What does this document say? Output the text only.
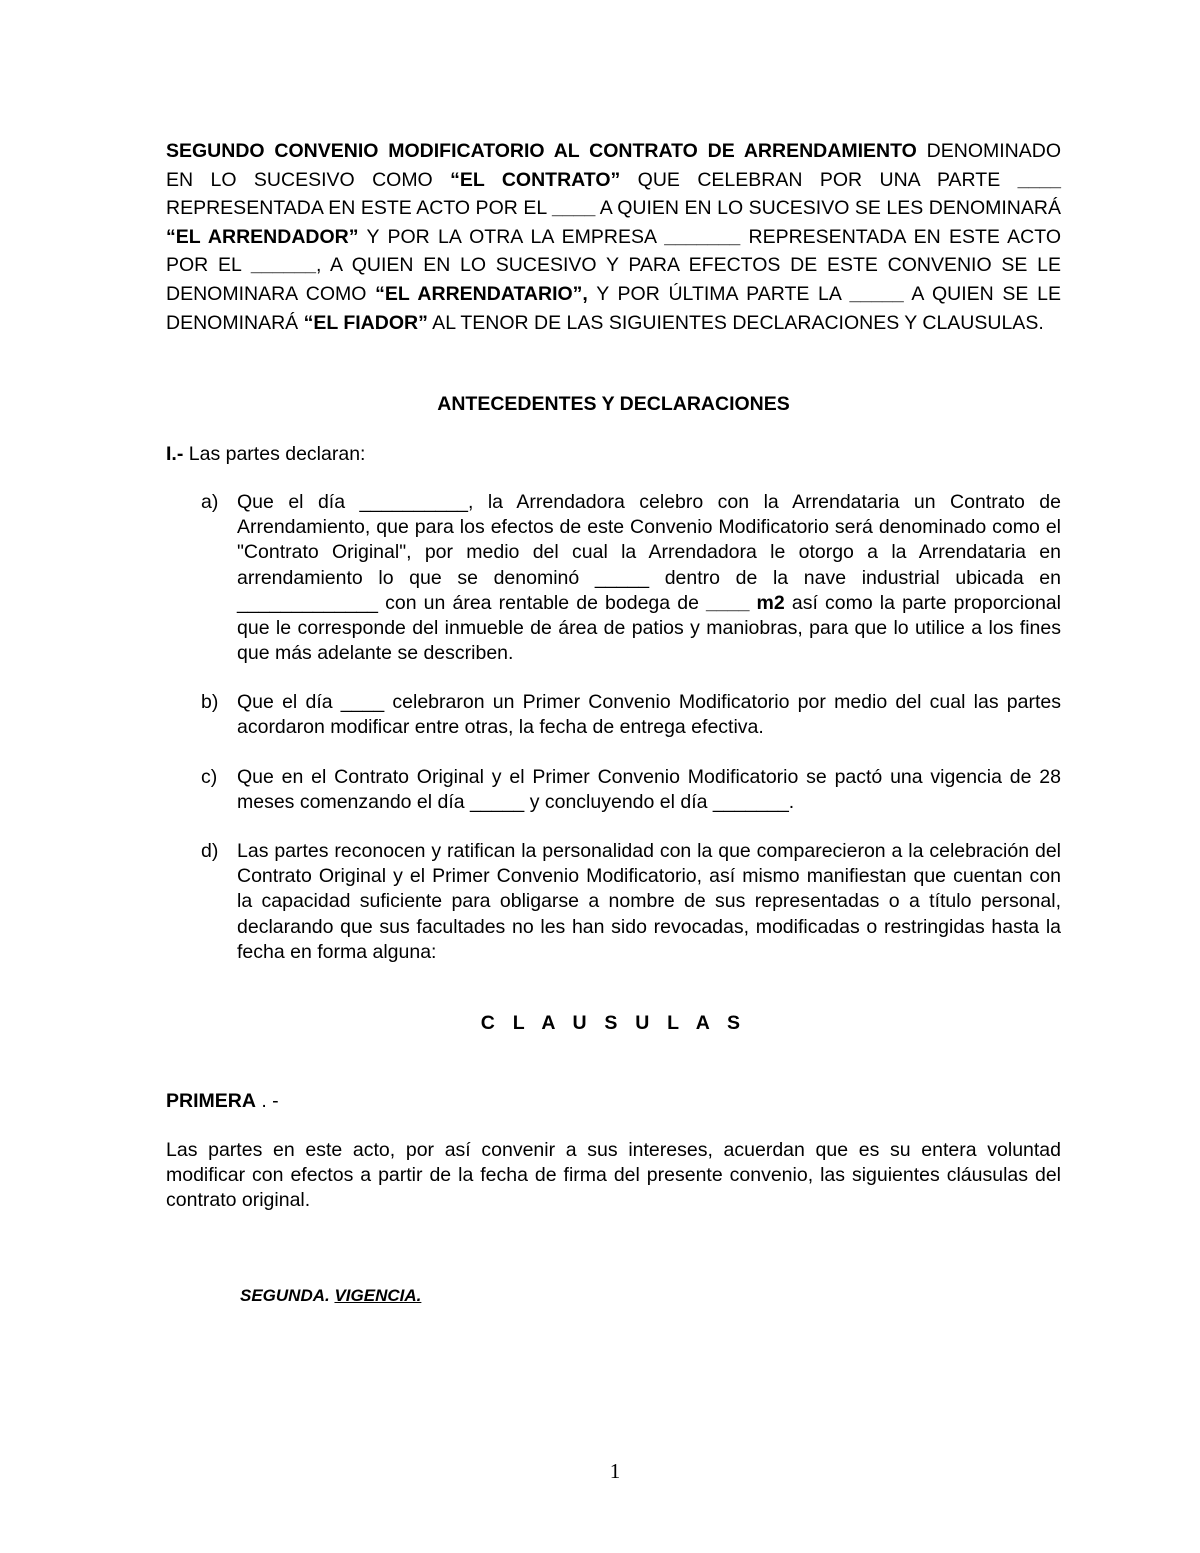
SEGUNDO CONVENIO MODIFICATORIO AL CONTRATO DE ARRENDAMIENTO DENOMINADO EN LO SUCESIVO COMO “EL CONTRATO” QUE CELEBRAN POR UNA PARTE ____ REPRESENTADA EN ESTE ACTO POR EL ____ A QUIEN EN LO SUCESIVO SE LES DENOMINARÁ “EL ARRENDADOR” Y POR LA OTRA LA EMPRESA _______ REPRESENTADA EN ESTE ACTO POR EL ______, A QUIEN EN LO SUCESIVO Y PARA EFECTOS DE ESTE CONVENIO SE LE DENOMINARA COMO “EL ARRENDATARIO”, Y POR ÚLTIMA PARTE LA _____ A QUIEN SE LE DENOMINARÁ “EL FIADOR” AL TENOR DE LAS SIGUIENTES DECLARACIONES Y CLAUSULAS.
ANTECEDENTES Y DECLARACIONES
I.- Las partes declaran:
a) Que el día __________, la Arrendadora celebro con la Arrendataria un Contrato de Arrendamiento, que para los efectos de este Convenio Modificatorio será denominado como el "Contrato Original", por medio del cual la Arrendadora le otorgo a la Arrendataria en arrendamiento lo que se denominó _____ dentro de la nave industrial ubicada en _____________ con un área rentable de bodega de ____ m2 así como la parte proporcional que le corresponde del inmueble de área de patios y maniobras, para que lo utilice a los fines que más adelante se describen.
b) Que el día ____ celebraron un Primer Convenio Modificatorio por medio del cual las partes acordaron modificar entre otras, la fecha de entrega efectiva.
c)	Que en el Contrato Original y el Primer Convenio Modificatorio se pactó una vigencia de 28 meses comenzando el día _____ y concluyendo el día _______.
d) Las partes reconocen y ratifican la personalidad con la que comparecieron a la celebración del Contrato Original y el Primer Convenio Modificatorio, así mismo manifiestan que cuentan con la capacidad suficiente para obligarse a nombre de sus representadas o a título personal, declarando que sus facultades no les han sido revocadas, modificadas o restringidas hasta la fecha en forma alguna:
C L A U S U L A S
PRIMERA . -
Las partes en este acto, por así convenir a sus intereses, acuerdan que es su entera voluntad modificar con efectos a partir de la fecha de firma del presente convenio, las siguientes cláusulas del contrato original.
SEGUNDA. VIGENCIA.
1
